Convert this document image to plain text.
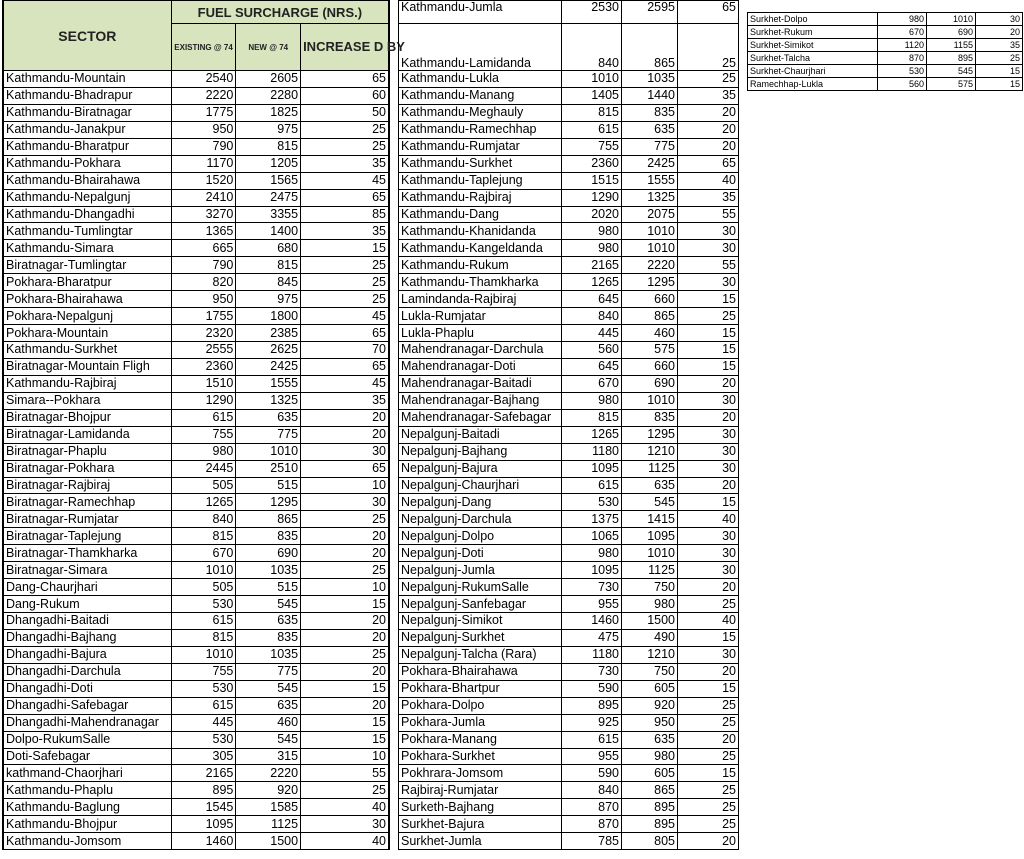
SECTOR	FUEL SURCHARGE (NRS.)		
	EXISTING @ 74	NEW @ 74	INCREASE D BY
Kathmandu-Mountain	2540	2605	65
Kathmandu-Bhadrapur	2220	2280	60
Kathmandu-Biratnagar	1775	1825	50
Kathmandu-Janakpur	950	975	25
Kathmandu-Bharatpur	790	815	25
Kathmandu-Pokhara	1170	1205	35
Kathmandu-Bhairahawa	1520	1565	45
Kathmandu-Nepalgunj	2410	2475	65
Kathmandu-Dhangadhi	3270	3355	85
Kathmandu-Tumlingtar	1365	1400	35
Kathmandu-Simara	665	680	15
Biratnagar-Tumlingtar	790	815	25
Pokhara-Bharatpur	820	845	25
Pokhara-Bhairahawa	950	975	25
Pokhara-Nepalgunj	1755	1800	45
Pokhara-Mountain	2320	2385	65
Kathmandu-Surkhet	2555	2625	70
Biratnagar-Mountain Fligh	2360	2425	65
Kathmandu-Rajbiraj	1510	1555	45
Simara--Pokhara	1290	1325	35
Biratnagar-Bhojpur	615	635	20
Biratnagar-Lamidanda	755	775	20
Biratnagar-Phaplu	980	1010	30
Biratnagar-Pokhara	2445	2510	65
Biratnagar-Rajbiraj	505	515	10
Biratnagar-Ramechhap	1265	1295	30
Biratnagar-Rumjatar	840	865	25
Biratnagar-Taplejung	815	835	20
Biratnagar-Thamkharka	670	690	20
Biratnagar-Simara	1010	1035	25
Dang-Chaurjhari	505	515	10
Dang-Rukum	530	545	15
Dhangadhi-Baitadi	615	635	20
Dhangadhi-Bajhang	815	835	20
Dhangadhi-Bajura	1010	1035	25
Dhangadhi-Darchula	755	775	20
Dhangadhi-Doti	530	545	15
Dhangadhi-Safebagar	615	635	20
Dhangadhi-Mahendranagar	445	460	15
Dolpo-RukumSalle	530	545	15
Doti-Safebagar	305	315	10
kathmand-Chaorjhari	2165	2220	55
Kathmandu-Phaplu	895	920	25
Kathmandu-Baglung	1545	1585	40
Kathmandu-Bhojpur	1095	1125	30
Kathmandu-Jomsom	1460	1500	40
Kathmandu-Jumla	2530	2595	65
Kathmandu-Lamidanda	840	865	25
Kathmandu-Lukla	1010	1035	25
Kathmandu-Manang	1405	1440	35
Kathmandu-Meghauly	815	835	20
Kathmandu-Ramechhap	615	635	20
Kathmandu-Rumjatar	755	775	20
Kathmandu-Surkhet	2360	2425	65
Kathmandu-Taplejung	1515	1555	40
Kathmandu-Rajbiraj	1290	1325	35
Kathmandu-Dang	2020	2075	55
Kathmandu-Khanidanda	980	1010	30
Kathmandu-Kangeldanda	980	1010	30
Kathmandu-Rukum	2165	2220	55
Kathmandu-Thamkharka	1265	1295	30
Lamindanda-Rajbiraj	645	660	15
Lukla-Rumjatar	840	865	25
Lukla-Phaplu	445	460	15
Mahendranagar-Darchula	560	575	15
Mahendranagar-Doti	645	660	15
Mahendranagar-Baitadi	670	690	20
Mahendranagar-Bajhang	980	1010	30
Mahendranagar-Safebagar	815	835	20
Nepalgunj-Baitadi	1265	1295	30
Nepalgunj-Bajhang	1180	1210	30
Nepalgunj-Bajura	1095	1125	30
Nepalgunj-Chaurjhari	615	635	20
Nepalgunj-Dang	530	545	15
Nepalgunj-Darchula	1375	1415	40
Nepalgunj-Dolpo	1065	1095	30
Nepalgunj-Doti	980	1010	30
Nepalgunj-Jumla	1095	1125	30
Nepalgunj-RukumSalle	730	750	20
Nepalgunj-Sanfebagar	955	980	25
Nepalgunj-Simikot	1460	1500	40
Nepalgunj-Surkhet	475	490	15
Nepalgunj-Talcha (Rara)	1180	1210	30
Pokhara-Bhairahawa	730	750	20
Pokhara-Bhartpur	590	605	15
Pokhara-Dolpo	895	920	25
Pokhara-Jumla	925	950	25
Pokhara-Manang	615	635	20
Pokhara-Surkhet	955	980	25
Pokhrara-Jomsom	590	605	15
Rajbiraj-Rumjatar	840	865	25
Surketh-Bajhang	870	895	25
Surkhet-Bajura	870	895	25
Surkhet-Jumla	785	805	20
Surkhet-Dolpo	980	1010	30
Surkhet-Rukum	670	690	20
Surkhet-Simikot	1120	1155	35
Surkhet-Talcha	870	895	25
Surkhet-Chaurjhari	530	545	15
Ramechhap-Lukla	560	575	15
